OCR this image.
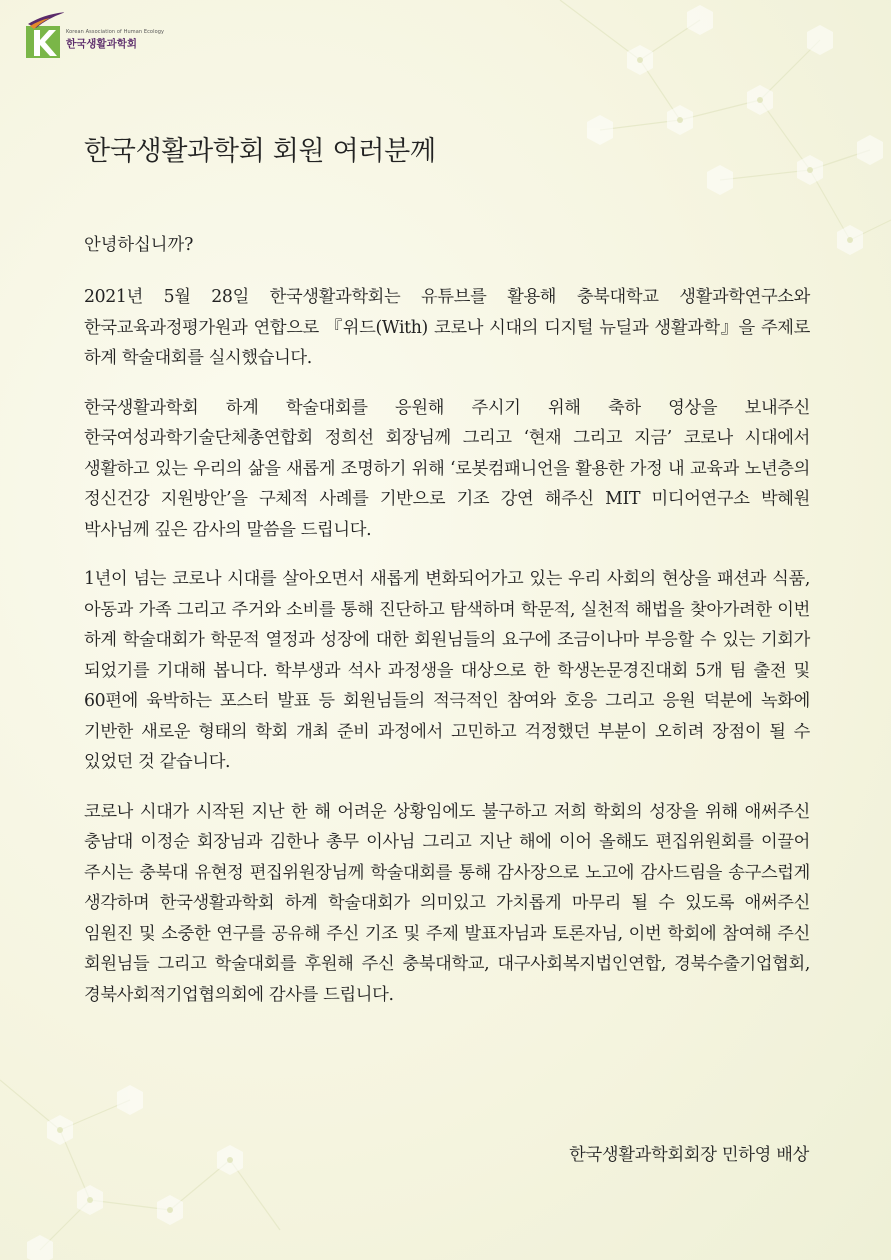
Korean Association of Human Ecology
한국생활과학회
한국생활과학회 회원 여러분께

안녕하십니까?

2021년 5월 28일 한국생활과학회는 유튜브를 활용해 충북대학교 생활과학연구소와 한국교육과정평가원과 연합으로 『위드(With) 코로나 시대의 디지털 뉴딜과 생활과학』을 주제로 하계 학술대회를 실시했습니다.

한국생활과학회 하계 학술대회를 응원해 주시기 위해 축하 영상을 보내주신 한국여성과학기술단체총연합회 정희선 회장님께 그리고 ‘현재 그리고 지금’ 코로나 시대에서 생활하고 있는 우리의 삶을 새롭게 조명하기 위해 ‘로봇컴패니언을 활용한 가정 내 교육과 노년층의 정신건강 지원방안’을 구체적 사례를 기반으로 기조 강연 해주신 MIT 미디어연구소 박혜원 박사님께 깊은 감사의 말씀을 드립니다.

1년이 넘는 코로나 시대를 살아오면서 새롭게 변화되어가고 있는 우리 사회의 현상을 패션과 식품, 아동과 가족 그리고 주거와 소비를 통해 진단하고 탐색하며 학문적, 실천적 해법을 찾아가려한 이번 하계 학술대회가 학문적 열정과 성장에 대한 회원님들의 요구에 조금이나마 부응할 수 있는 기회가 되었기를 기대해 봅니다. 학부생과 석사 과정생을 대상으로 한 학생논문경진대회 5개 팀 출전 및 60편에 육박하는 포스터 발표 등 회원님들의 적극적인 참여와 호응 그리고 응원 덕분에 녹화에 기반한 새로운 형태의 학회 개최 준비 과정에서 고민하고 걱정했던 부분이 오히려 장점이 될 수 있었던 것 같습니다.

코로나 시대가 시작된 지난 한 해 어려운 상황임에도 불구하고 저희 학회의 성장을 위해 애써주신 충남대 이정순 회장님과 김한나 총무 이사님 그리고 지난 해에 이어 올해도 편집위원회를 이끌어 주시는 충북대 유현정 편집위원장님께 학술대회를 통해 감사장으로 노고에 감사드림을 송구스럽게 생각하며 한국생활과학회 하계 학술대회가 의미있고 가치롭게 마무리 될 수 있도록 애써주신 임원진 및 소중한 연구를 공유해 주신 기조 및 주제 발표자님과 토론자님, 이번 학회에 참여해 주신 회원님들 그리고 학술대회를 후원해 주신 충북대학교, 대구사회복지법인연합, 경북수출기업협회, 경북사회적기업협의회에 감사를 드립니다.

한국생활과학회회장 민하영 배상
